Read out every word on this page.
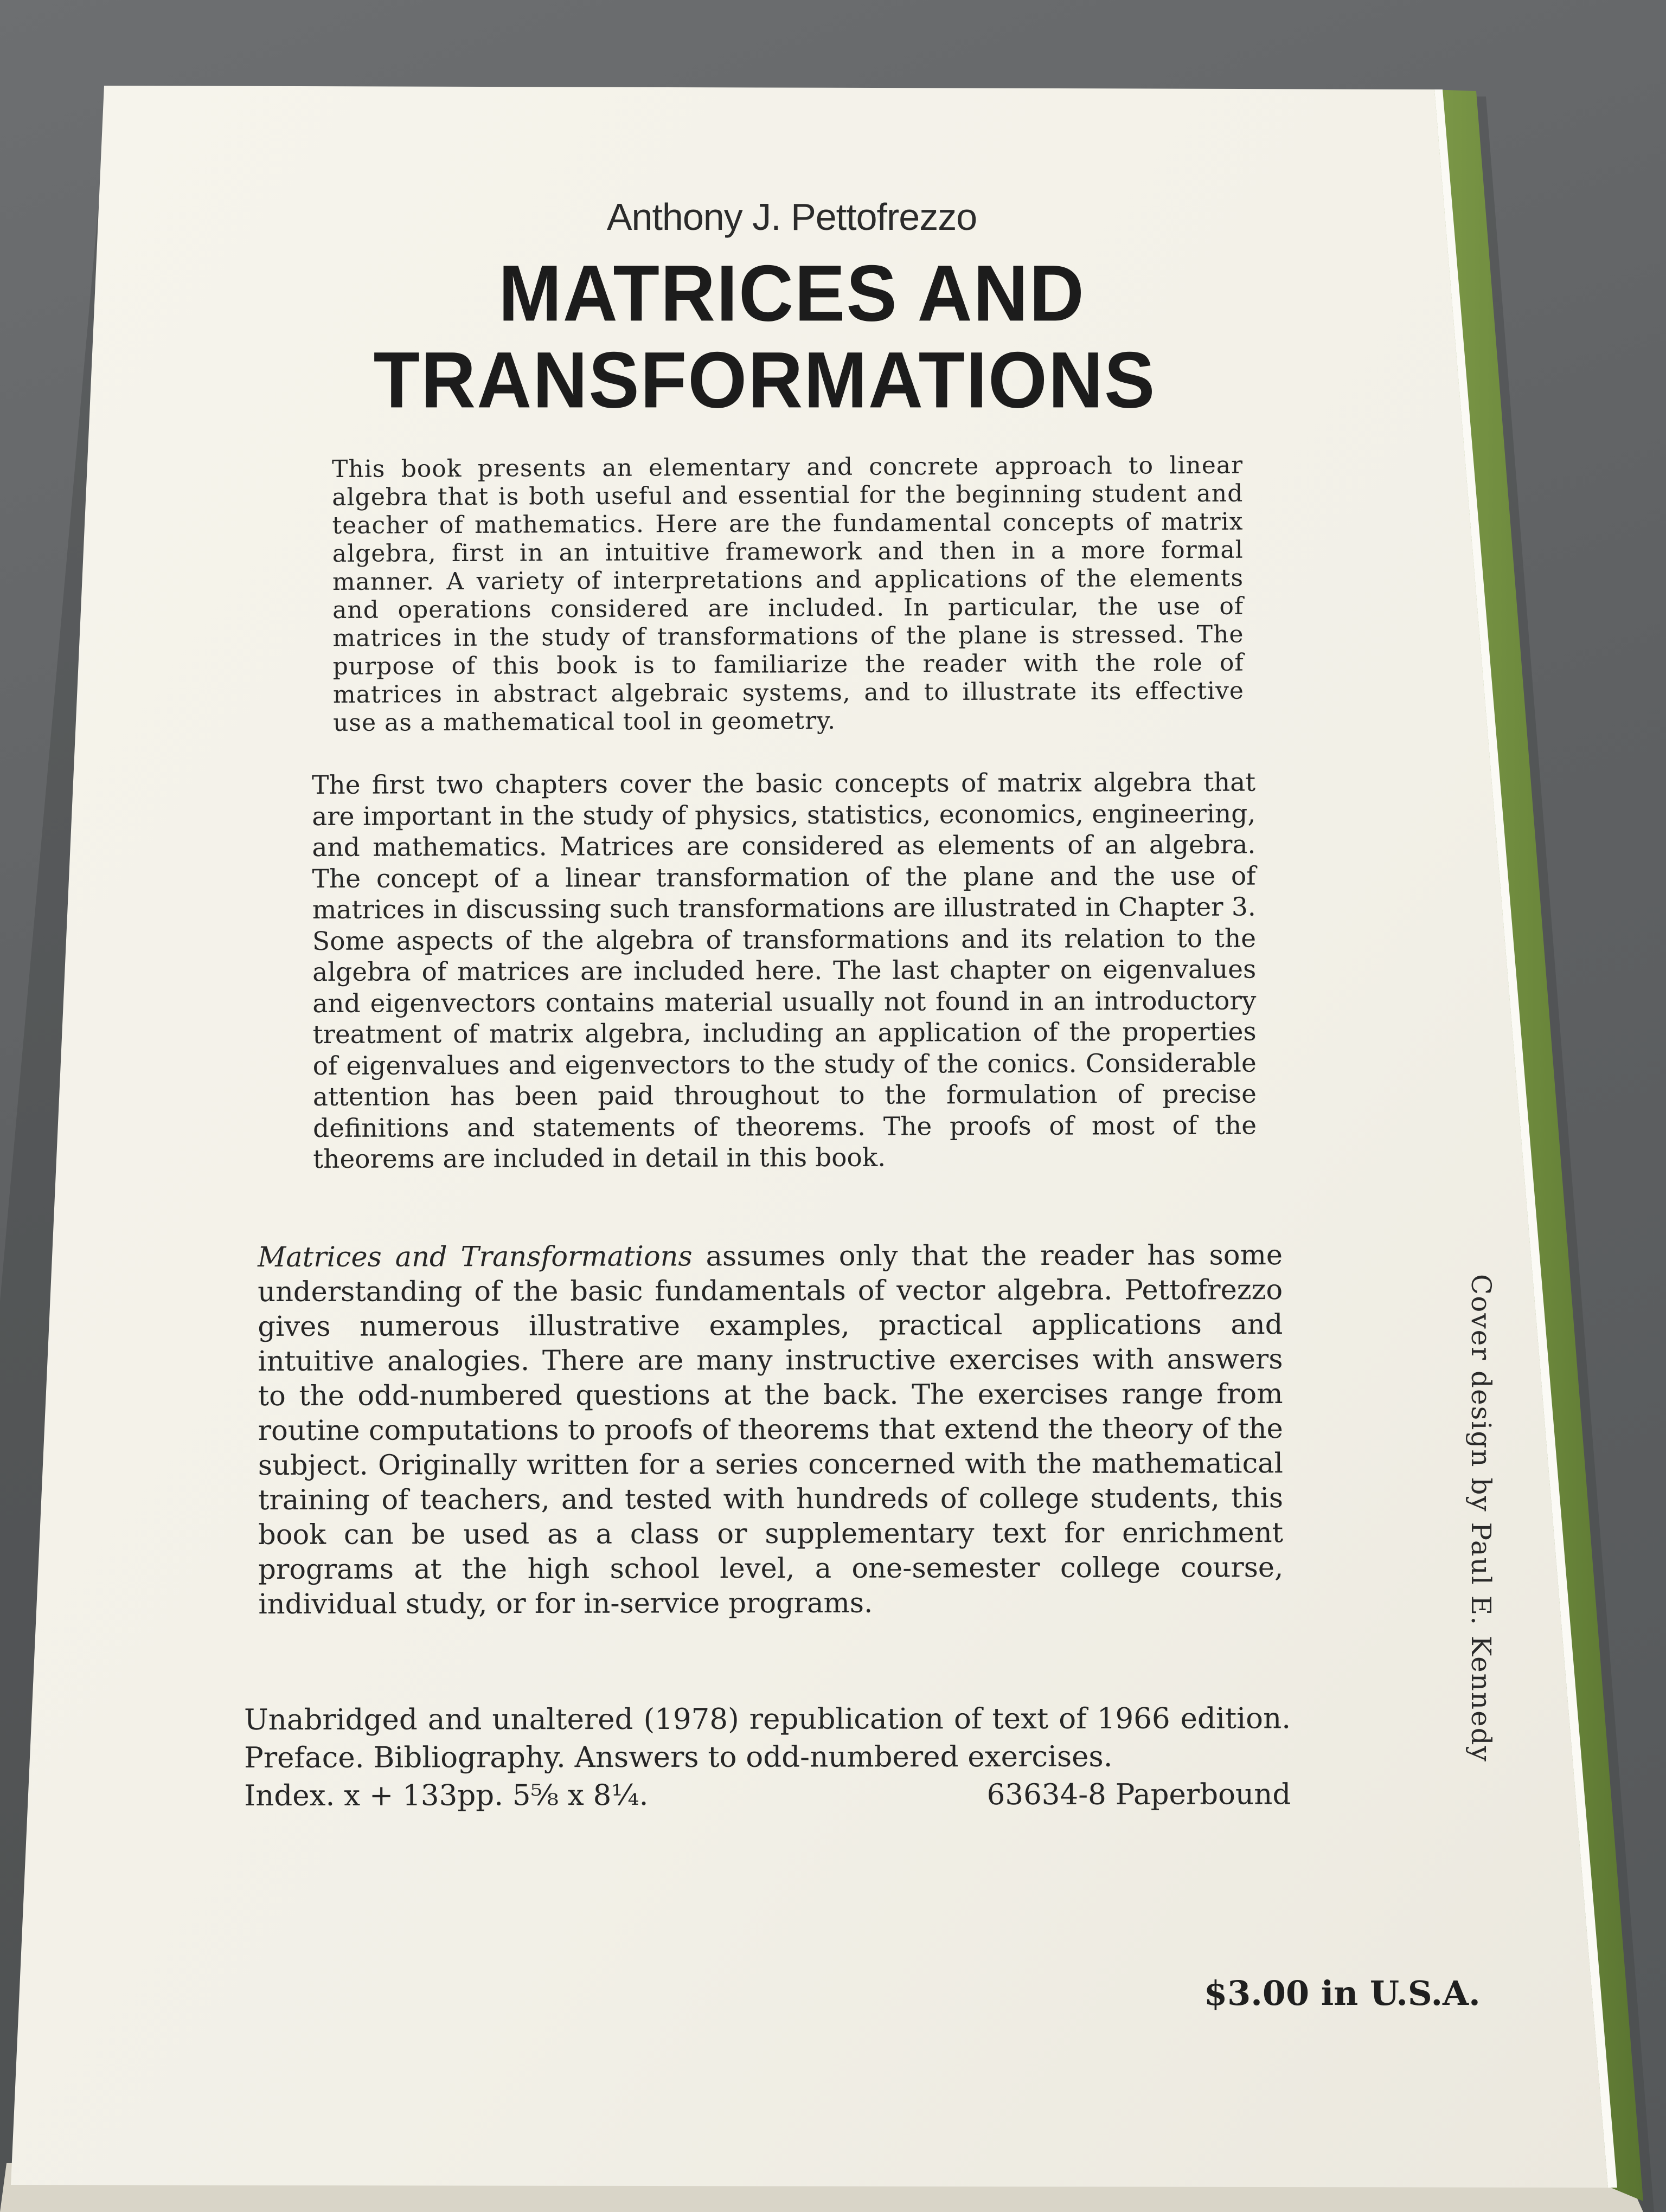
Anthony J. Pettofrezzo
MATRICES AND
TRANSFORMATIONS

This book presents an elementary and concrete approach to linear algebra that is both useful and essential for the beginning student and teacher of mathematics. Here are the fundamental concepts of matrix algebra, first in an intuitive framework and then in a more formal manner. A variety of interpretations and applications of the elements and operations considered are included. In particular, the use of matrices in the study of transformations of the plane is stressed. The purpose of this book is to familiarize the reader with the role of matrices in abstract algebraic systems, and to illustrate its effective use as a mathematical tool in geometry.

The first two chapters cover the basic concepts of matrix algebra that are important in the study of physics, statistics, economics, engineering, and mathematics. Matrices are considered as elements of an algebra. The concept of a linear transformation of the plane and the use of matrices in discussing such transformations are illustrated in Chapter 3. Some aspects of the algebra of transformations and its relation to the algebra of matrices are included here. The last chapter on eigenvalues and eigenvectors contains material usually not found in an introductory treatment of matrix algebra, including an application of the properties of eigenvalues and eigenvectors to the study of the conics. Considerable attention has been paid throughout to the formulation of precise definitions and statements of theorems. The proofs of most of the theorems are included in detail in this book.

Matrices and Transformations assumes only that the reader has some understanding of the basic fundamentals of vector algebra. Pettofrezzo gives numerous illustrative examples, practical applications and intuitive analogies. There are many instructive exercises with answers to the odd-numbered questions at the back. The exercises range from routine computations to proofs of theorems that extend the theory of the subject. Originally written for a series concerned with the mathematical training of teachers, and tested with hundreds of college students, this book can be used as a class or supplementary text for enrichment programs at the high school level, a one-semester college course, individual study, or for in-service programs.

Unabridged and unaltered (1978) republication of text of 1966 edition. Preface. Bibliography. Answers to odd-numbered exercises.
Index. x + 133pp. 5⅝ x 8¼.	63634-8 Paperbound
$3.00 in U.S.A.
Cover design by Paul E. Kennedy
